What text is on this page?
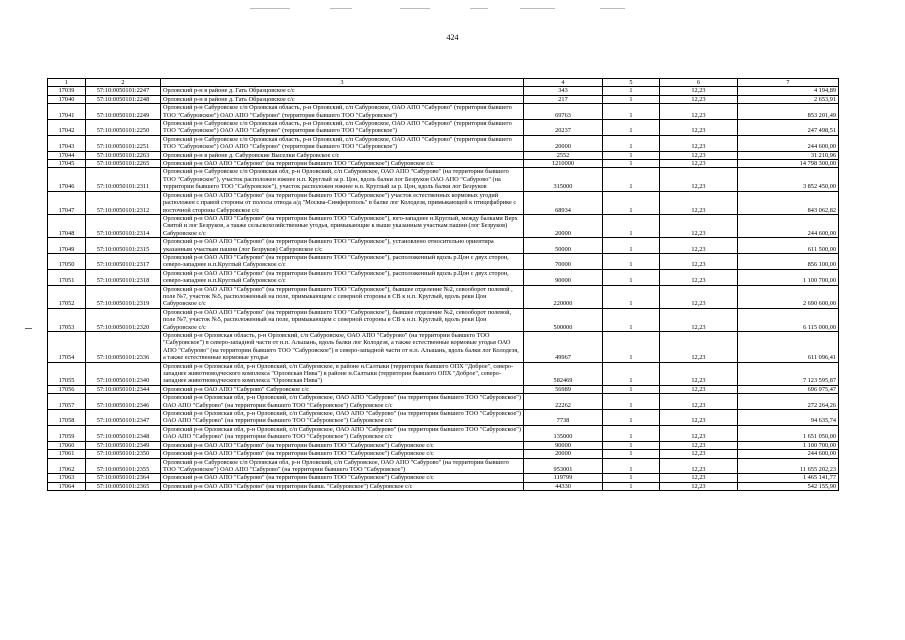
424
1	2	3	4	5	6	7
17039	57:10:0050101:2247	Орловский р-н в районе д. Гать Образцовское с/с	343	1	12,23	4 194,89
17040	57:10:0050101:2248	Орловский р-н в районе д. Гать Образцовское с/с	217	1	12,23	2 653,91
17041	57:10:0050101:2249	Орловский р-н Сабуровское с/п Орловская область, р-н Орловский, с/п Сабуровское, ОАО АПО "Сабурово" (территория бывшего ТОО "Сабуровское") ОАО АПО "Сабурово" (территория бывшего ТОО "Сабуровское")	69763	1	12,23	853 201,49
17042	57:10:0050101:2250	Орловский р-н Сабуровское с/п Орловская область, р-н Орловский, с/п Сабуровское, ОАО АПО "Сабурово" (территория бывшего ТОО "Сабуровское") ОАО АПО "Сабурово" (территория бывшего ТОО "Сабуровское")	20237	1	12,23	247 498,51
17043	57:10:0050101:2251	Орловский р-н Сабуровское с/п Орловская область, р-н Орловский, с/п Сабуровское, ОАО АПО "Сабурово" (территория бывшего ТОО "Сабуровское") ОАО АПО "Сабурово" (территория бывшего ТОО "Сабуровское")	20000	1	12,23	244 600,00
17044	57:10:0050101:2263	Орловский р-н в районе д. Сабуровские Выселки Сабуровское с/с	2552	1	12,23	31 210,96
17045	57:10:0050101:2265	Орловский р-н ОАО АПО "Сабурово" (на территории бывшего ТОО "Сабуровское") Сабуровское с/с	1210000	1	12,23	14 798 300,00
17046	57:10:0050101:2311	Орловский р-н Сабуровское с/п Орловская обл, р-н Орловский, с/п Сабуровское, ОАО АПО "Сабурово" (на территории бывшего ТОО "Сабуровское"), участок расположен южнее н.п. Круглый за р. Цон, вдоль балки лог Безруков ОАО АПО "Сабурово" (на территории бывшего ТОО "Сабуровское"), участок расположен южнее н.п. Круглый за р. Цон, вдоль балки лог Безруков	315000	1	12,23	3 852 450,00
17047	57:10:0050101:2312	Орловский р-н ОАО АПО "Сабурово" (на территории бывшего ТОО "Сабуровское") участок естественных кормовых угодий расположен с правой стороны от полосы отвода а/д "Москва-Симферополь" в балке лог Колодезя, примыкающей к птицефабрике с восточной стороны Сабуровское с/с	68934	1	12,23	843 062,82
17048	57:10:0050101:2314	Орловский р-н ОАО АПО "Сабурово" (на территории бывшего ТОО "Сабуровское"), юго-западнее н.Круглый, между балками Верх Святой и лог Безруков, а также сельскохозяйственные угодья, примыкающие к выше указанным участкам пашни (лог Безруков) Сабуровское с/с	20000	1	12,23	244 600,00
17049	57:10:0050101:2315	Орловский р-н ОАО АПО "Сабурово" (на территории бывшего ТОО "Сабуровское"), установлено относительно ориентира указанным участкам пашни (лог Безруков) Сабуровское с/с	50000	1	12,23	611 500,00
17050	57:10:0050101:2317	Орловский р-н ОАО АПО "Сабурово" (на территории бывшего ТОО "Сабуровское"), расположенный вдоль р.Цон с двух сторон, северо-западнее н.п.Круглый Сабуровское с/с	70000	1	12,23	856 100,00
17051	57:10:0050101:2318	Орловский р-н ОАО АПО "Сабурово" (на территории бывшего ТОО "Сабуровское"), расположенный вдоль р.Цон с двух сторон, северо-западнее н.п.Круглый Сабуровское с/с	90000	1	12,23	1 100 700,00
17052	57:10:0050101:2319	Орловский р-н ОАО АПО "Сабурово" (на территории бывшего ТОО "Сабуровское"), бывшее отделение №2, севооборот полевой , поле №7, участок №5, расположенный на поле, примыкающем с северной стороны в СВ к н.п. Круглый, вдоль реки Цон Сабуровское с/с	220000	1	12,23	2 690 600,00
17053	57:10:0050101:2320	Орловский р-н ОАО АПО "Сабурово" (на территории бывшего ТОО "Сабуровское"), бывшее отделение №2, севооборот полевой, поле №7, участок №5, расположенный на поле, примыкающем с северной стороны в СВ к н.п. Круглый, вдоль реки Цон Сабуровское с/с	500000	1	12,23	6 115 000,00
17054	57:10:0050101:2336	Орловский р-н Орловская область, р-н Орловский, с/п Сабуровское, ОАО АПО "Сабурово" (на территории бывшего ТОО "Сабуровское") в северо-западной части от н.п. Альшань, вдоль балки лог Колодезя, а также естественные кормовые угодья ОАО АПО "Сабурово" (на территории бывшего ТОО "Сабуровское") в северо-западной части от н.п. Альшань, вдоль балки лог Колодезя, а также естественные кормовые угодья	49967	1	12,23	611 096,41
17055	57:10:0050101:2340	Орловский р-н Орловская обл, р-н Орловский, с/п Сабуровское, в районе н.Салтыки (территория бывшего ОПХ "Доброе", северо-западнее животноводческого комплекса "Орловская Нива") в районе н.Салтыки (территория бывшего ОПХ "Доброе", северо-западнее животноводческого комплекса "Орловская Нива")	582469	1	12,23	7 123 595,87
17056	57:10:0050101:2344	Орловский р-н ОАО АПО "Сабурово" Сабуровское с/с	56989	1	12,23	696 975,47
17057	57:10:0050101:2346	Орловский р-н Орловская обл, р-н Орловский, с/п Сабуровское, ОАО АПО "Сабурово" (на территории бывшего ТОО "Сабуровское") ОАО АПО "Сабурово" (на территории бывшего ТОО "Сабуровское") Сабуровское с/с	22262	1	12,23	272 264,26
17058	57:10:0050101:2347	Орловский р-н Орловская обл, р-н Орловский, с/п Сабуровское, ОАО АПО "Сабурово" (на территории бывшего ТОО "Сабуровское") ОАО АПО "Сабурово" (на территории бывшего ТОО "Сабуровское") Сабуровское с/с	7738	1	12,23	94 635,74
17059	57:10:0050101:2348	Орловский р-н Орловская обл, р-н Орловский, с/п Сабуровское, ОАО АПО "Сабурово" (на территории бывшего ТОО "Сабуровское") ОАО АПО "Сабурово" (на территории бывшего ТОО "Сабуровское") Сабуровское с/с	135000	1	12,23	1 651 050,00
17060	57:10:0050101:2349	Орловский р-н ОАО АПО "Сабурово" (на территории бывшего ТОО "Сабуровское") Сабуровское с/с	90000	1	12,23	1 100 700,00
17061	57:10:0050101:2350	Орловский р-н ОАО АПО "Сабурово" (на территории бывшего ТОО "Сабуровское") Сабуровское с/с	20000	1	12,23	244 600,00
17062	57:10:0050101:2355	Орловский р-н Сабуровское с/п Орловская обл, р-н Орловский, с/п Сабуровское, ОАО АПО "Сабурово" (на территории бывшего ТОО "Сабуровское") ОАО АПО "Сабурово" (на территории бывшего ТОО "Сабуровское")	953001	1	12,23	11 655 202,23
17063	57:10:0050101:2364	Орловский р-н ОАО АПО "Сабурово" (на территории бывшего ТОО "Сабуровское") Сабуровское с/с	119799	1	12,23	1 465 141,77
17064	57:10:0050101:2365	Орловский р-н ОАО АПО "Сабурово" (на территории бывш. "Сабуровское") Сабуровское с/с	44330	1	12,23	542 155,90
